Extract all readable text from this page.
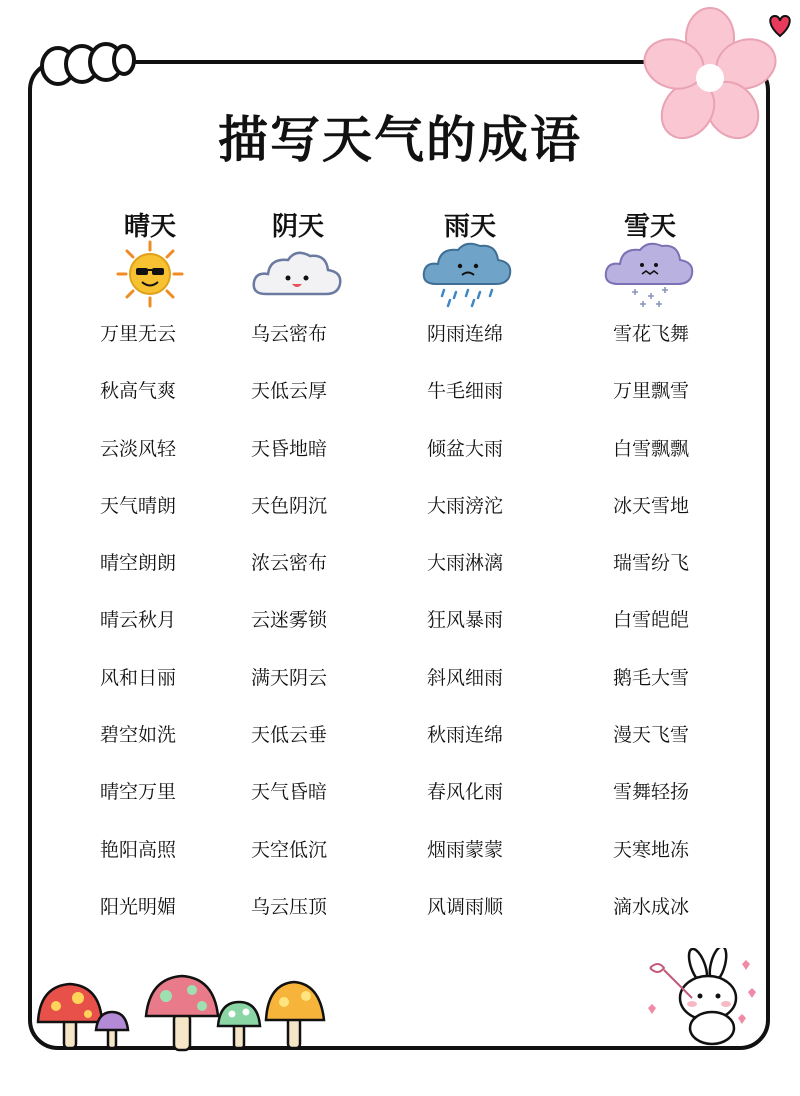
描写天气的成语
晴天
万里无云
秋高气爽
云淡风轻
天气晴朗
晴空朗朗
晴云秋月
风和日丽
碧空如洗
晴空万里
艳阳高照
阳光明媚
阴天
乌云密布
天低云厚
天昏地暗
天色阴沉
浓云密布
云迷雾锁
满天阴云
天低云垂
天气昏暗
天空低沉
乌云压顶
雨天
阴雨连绵
牛毛细雨
倾盆大雨
大雨滂沱
大雨淋漓
狂风暴雨
斜风细雨
秋雨连绵
春风化雨
烟雨蒙蒙
风调雨顺
雪天
雪花飞舞
万里飘雪
白雪飘飘
冰天雪地
瑞雪纷飞
白雪皑皑
鹅毛大雪
漫天飞雪
雪舞轻扬
天寒地冻
滴水成冰
